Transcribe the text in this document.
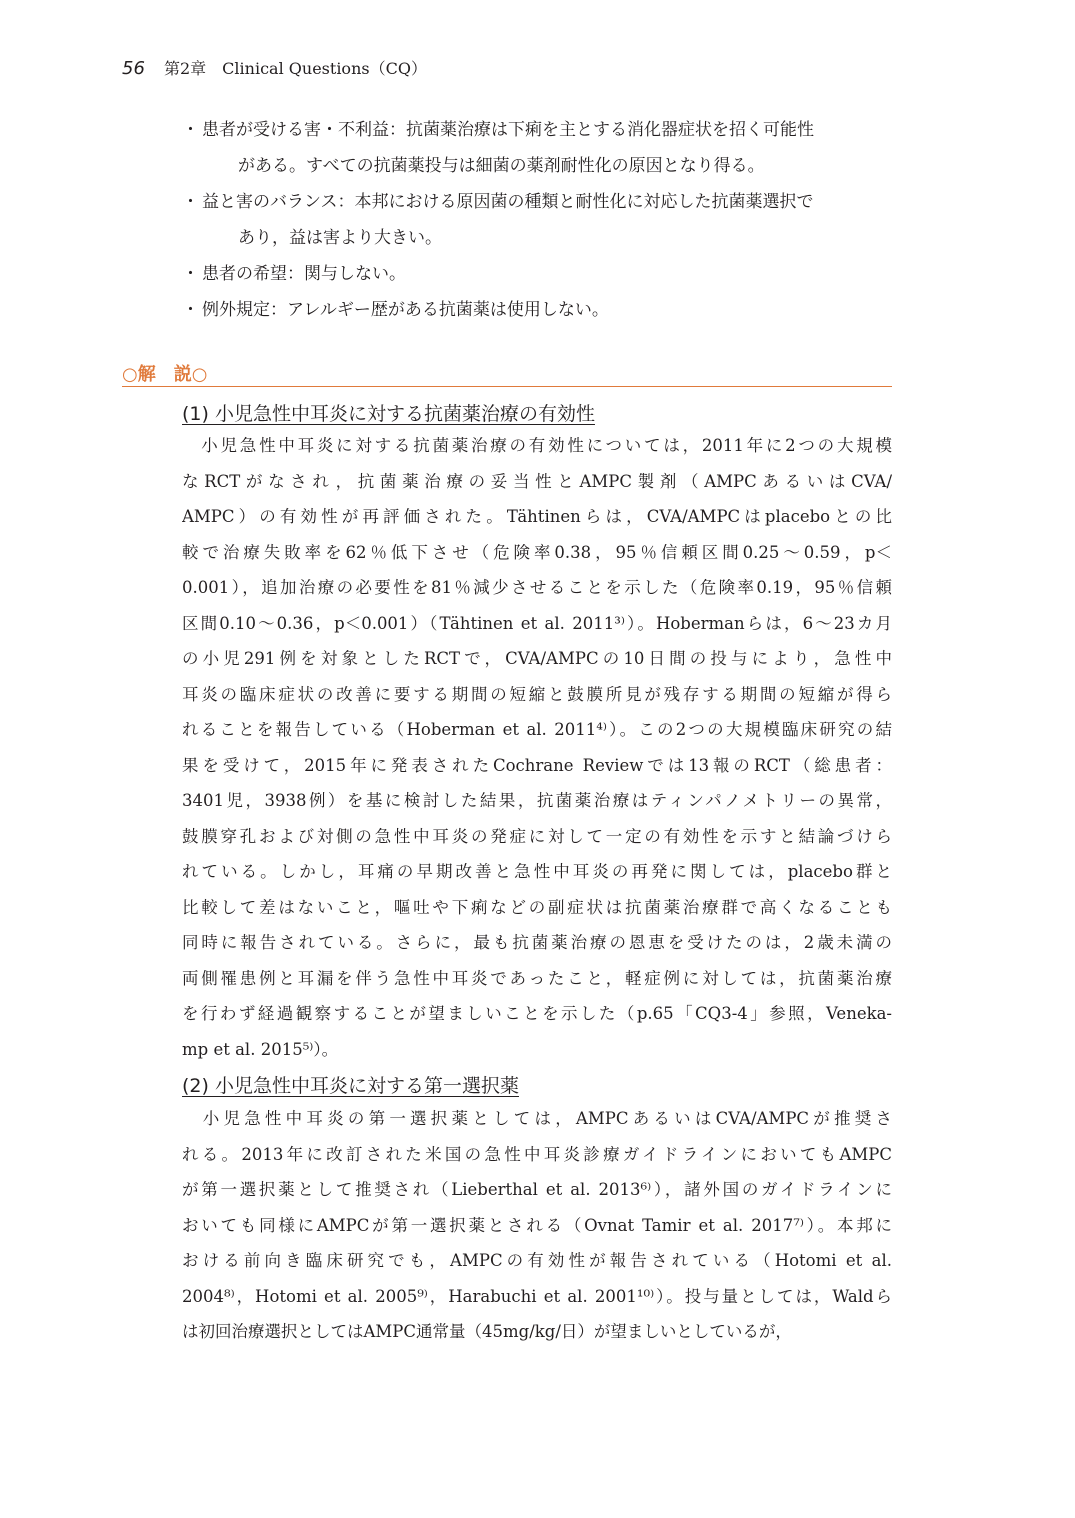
56 第2章　Clinical Questions（CQ）
・ 患者が受ける害・不利益：抗菌薬治療は下痢を主とする消化器症状を招く可能性
がある。すべての抗菌薬投与は細菌の薬剤耐性化の原因となり得る。
・ 益と害のバランス：本邦における原因菌の種類と耐性化に対応した抗菌薬選択で
あり，益は害より大きい。
・ 患者の希望：関与しない。
・ 例外規定：アレルギー歴がある抗菌薬は使用しない。
○解　説○
(1) 小児急性中耳炎に対する抗菌薬治療の有効性
　小児急性中耳炎に対する抗菌薬治療の有効性については，2011年に2つの大規模
なRCTがなされ，抗菌薬治療の妥当性とAMPC製剤（AMPCあるいはCVA/
AMPC）の有効性が再評価された。Tähtinenらは，CVA/AMPCはplaceboとの比
較で治療失敗率を62％低下させ（危険率0.38，95％信頼区間0.25～0.59，p＜
0.001），追加治療の必要性を81％減少させることを示した（危険率0.19，95％信頼
区間0.10～0.36，p＜0.001）（Tähtinen et al. 2011³⁾）。Hobermanらは，6～23カ月
の小児291例を対象としたRCTで，CVA/AMPCの10日間の投与により，急性中
耳炎の臨床症状の改善に要する期間の短縮と鼓膜所見が残存する期間の短縮が得ら
れることを報告している（Hoberman et al. 2011⁴⁾）。この2つの大規模臨床研究の結
果を受けて，2015年に発表されたCochrane Reviewでは13報のRCT（総患者：
3401児，3938例）を基に検討した結果，抗菌薬治療はティンパノメトリーの異常，
鼓膜穿孔および対側の急性中耳炎の発症に対して一定の有効性を示すと結論づけら
れている。しかし，耳痛の早期改善と急性中耳炎の再発に関しては，placebo群と
比較して差はないこと，嘔吐や下痢などの副症状は抗菌薬治療群で高くなることも
同時に報告されている。さらに，最も抗菌薬治療の恩恵を受けたのは，2歳未満の
両側罹患例と耳漏を伴う急性中耳炎であったこと，軽症例に対しては，抗菌薬治療
を行わず経過観察することが望ましいことを示した（p.65「CQ3-4」参照，Veneka-
mp et al. 2015⁵⁾）。
(2) 小児急性中耳炎に対する第一選択薬
　小児急性中耳炎の第一選択薬としては，AMPCあるいはCVA/AMPCが推奨さ
れる。2013年に改訂された米国の急性中耳炎診療ガイドラインにおいてもAMPC
が第一選択薬として推奨され（Lieberthal et al. 2013⁶⁾），諸外国のガイドラインに
おいても同様にAMPCが第一選択薬とされる（Ovnat Tamir et al. 2017⁷⁾）。本邦に
おける前向き臨床研究でも，AMPCの有効性が報告されている（Hotomi et al.
2004⁸⁾，Hotomi et al. 2005⁹⁾，Harabuchi et al. 2001¹⁰⁾）。投与量としては，Waldら
は初回治療選択としてはAMPC通常量（45mg/kg/日）が望ましいとしているが，
